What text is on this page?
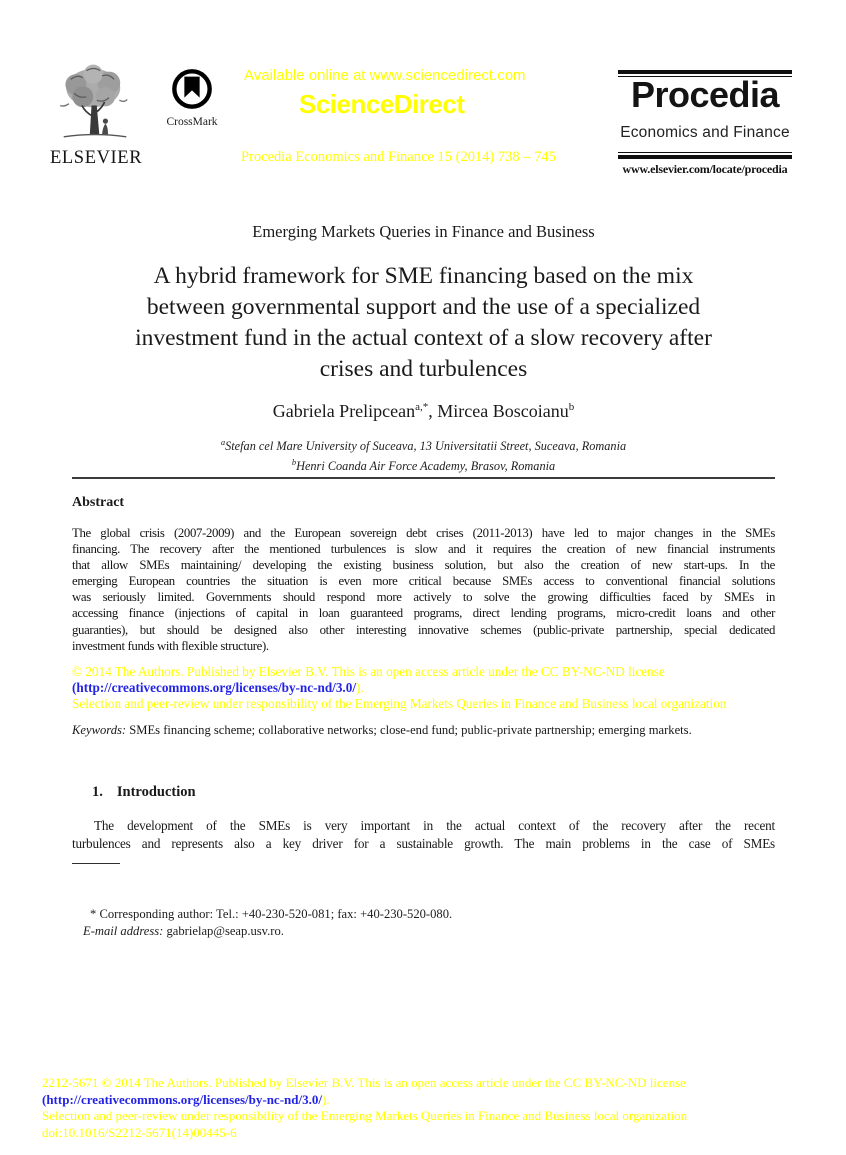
ELSEVIER
CrossMark
Available online at www.sciencedirect.com
ScienceDirect
Procedia Economics and Finance 15 (2014) 738 – 745
Procedia
Economics and Finance
www.elsevier.com/locate/procedia
Emerging Markets Queries in Finance and Business
A hybrid framework for SME financing based on the mix
between governmental support and the use of a specialized
investment fund in the actual context of a slow recovery after
crises and turbulences
Gabriela Prelipcean$^{a,*}$, Mircea Boscoianu$^b$
$^a$Stefan cel Mare University of Suceava, 13 Universitatii Street, Suceava, Romania
$^b$Henri Coanda Air Force Academy, Brasov, Romania
Abstract
The global crisis (2007-2009) and the European sovereign debt crises (2011-2013) have led to major changes in the SMEs
financing. The recovery after the mentioned turbulences is slow and it requires the creation of new financial instruments
that allow SMEs maintaining/ developing the existing business solution, but also the creation of new start-ups. In the
emerging European countries the situation is even more critical because SMEs access to conventional financial solutions
was seriously limited. Governments should respond more actively to solve the growing difficulties faced by SMEs in
accessing finance (injections of capital in loan guaranteed programs, direct lending programs, micro-credit loans and other
guaranties), but should be designed also other interesting innovative schemes (public-private partnership, special dedicated
investment funds with flexible structure).
© 2014 The Authors. Published by Elsevier B.V. This is an open access article under the CC BY-NC-ND license
(http://creativecommons.org/licenses/by-nc-nd/3.0/).
Selection and peer-review under responsibility of the Emerging Markets Queries in Finance and Business local organization
Keywords: SMEs financing scheme; collaborative networks; close-end fund; public-private partnership; emerging markets.
1. Introduction
The development of the SMEs is very important in the actual context of the recovery after the recent
turbulences and represents also a key driver for a sustainable growth. The main problems in the case of SMEs
* Corresponding author: Tel.: +40-230-520-081; fax: +40-230-520-080.
E-mail address: gabrielap@seap.usv.ro.
2212-5671 © 2014 The Authors. Published by Elsevier B.V. This is an open access article under the CC BY-NC-ND license
(http://creativecommons.org/licenses/by-nc-nd/3.0/).
Selection and peer-review under responsibility of the Emerging Markets Queries in Finance and Business local organization
doi:10.1016/S2212-5671(14)00445-6
